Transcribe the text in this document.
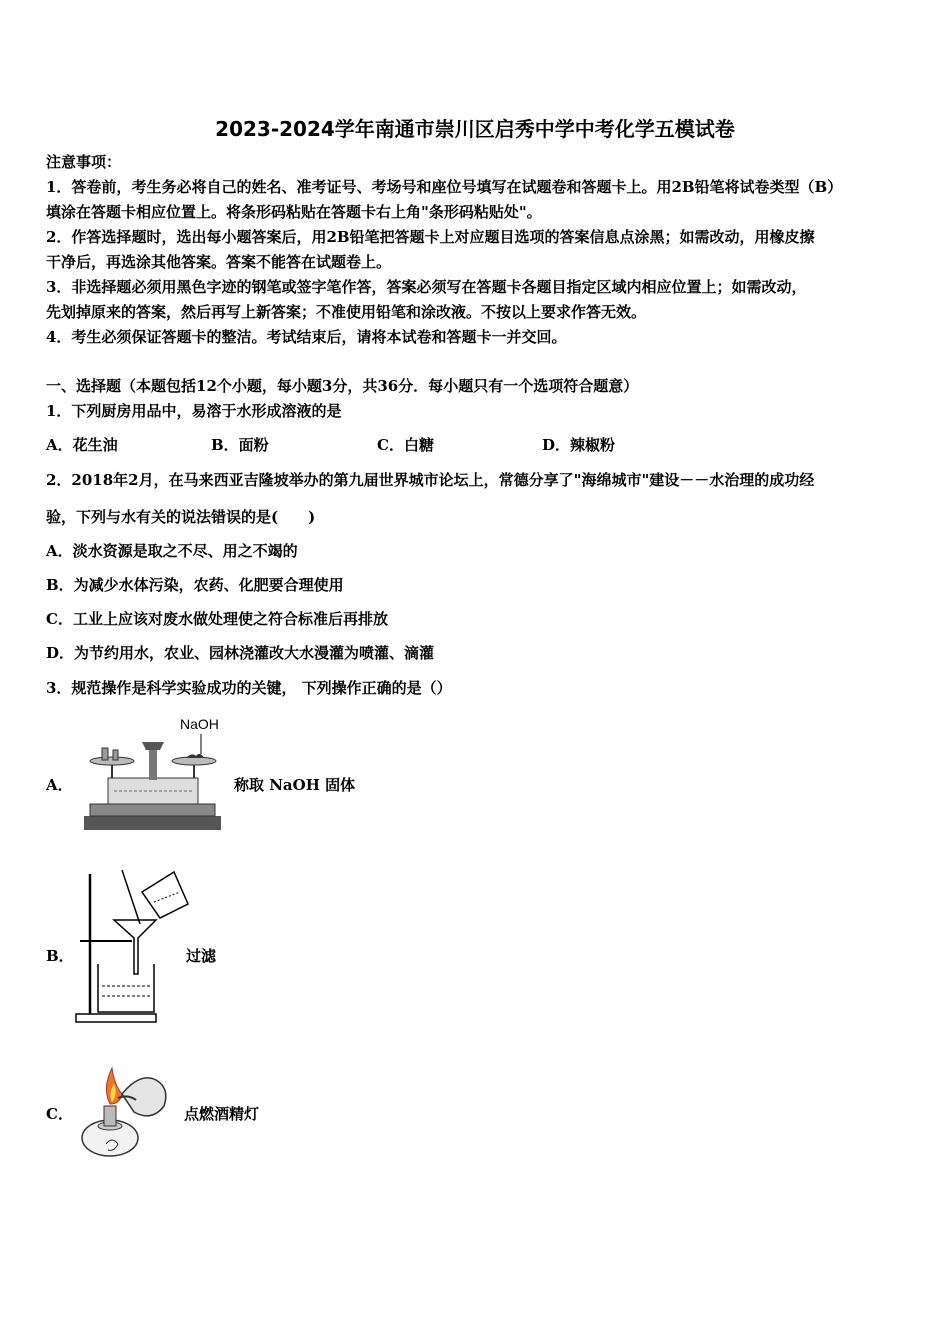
2023-2024学年南通市崇川区启秀中学中考化学五模试卷
注意事项：
1．答卷前，考生务必将自己的姓名、准考证号、考场号和座位号填写在试题卷和答题卡上。用2B铅笔将试卷类型（B）
填涂在答题卡相应位置上。将条形码粘贴在答题卡右上角"条形码粘贴处"。
2．作答选择题时，选出每小题答案后，用2B铅笔把答题卡上对应题目选项的答案信息点涂黑；如需改动，用橡皮擦
干净后，再选涂其他答案。答案不能答在试题卷上。
3．非选择题必须用黑色字迹的钢笔或签字笔作答，答案必须写在答题卡各题目指定区域内相应位置上；如需改动，
先划掉原来的答案，然后再写上新答案；不准使用铅笔和涂改液。不按以上要求作答无效。
4．考生必须保证答题卡的整洁。考试结束后，请将本试卷和答题卡一并交回。
一、选择题（本题包括12个小题，每小题3分，共36分．每小题只有一个选项符合题意）
1．下列厨房用品中，易溶于水形成溶液的是
A．花生油	B．面粉	C．白糖	D．辣椒粉
2．2018年2月，在马来西亚吉隆坡举办的第九届世界城市论坛上，常德分享了"海绵城市"建设－－水治理的成功经
验，下列与水有关的说法错误的是(　　)
A．淡水资源是取之不尽、用之不竭的
B．为减少水体污染，农药、化肥要合理使用
C．工业上应该对废水做处理使之符合标准后再排放
D．为节约用水，农业、园林浇灌改大水漫灌为喷灌、滴灌
3．规范操作是科学实验成功的关键， 下列操作正确的是（）
A．
NaOH
称取 NaOH 固体
B．	过滤
C．	点燃酒精灯
